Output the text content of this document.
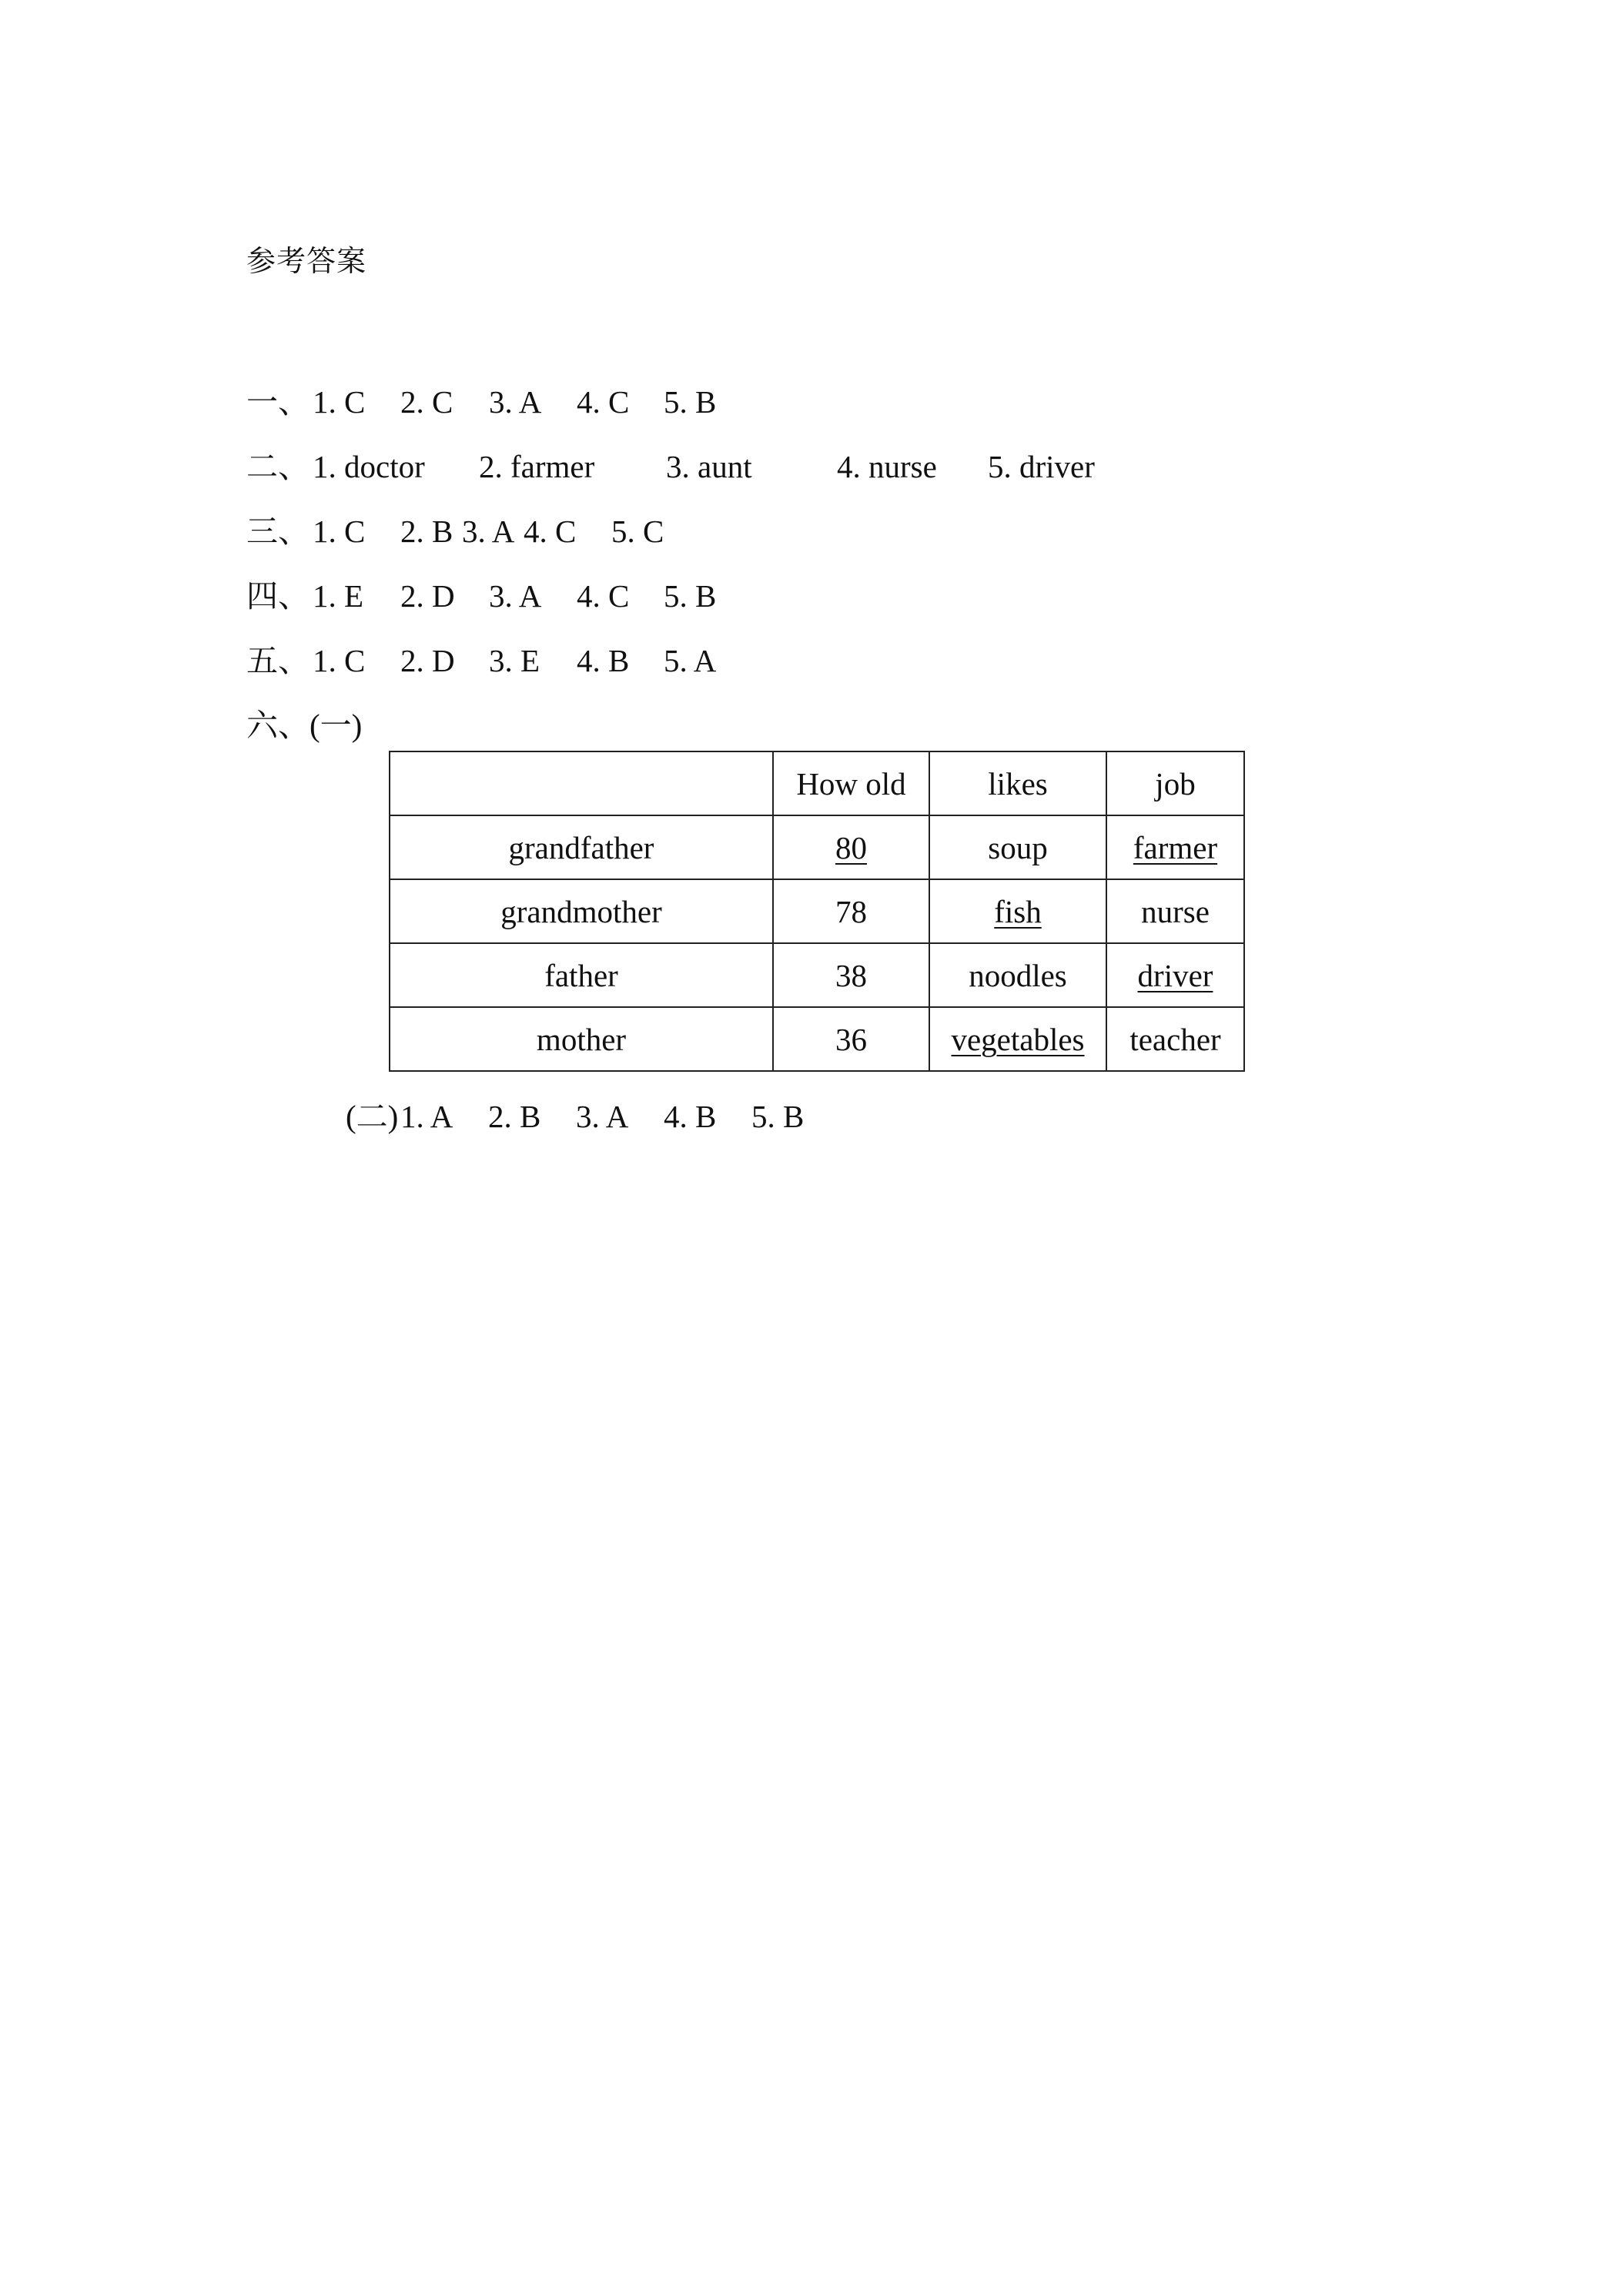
参考答案

一、

1. C

2. C

3. A

4. C

5. B

二、

1. doctor

2. farmer

3. aunt

	4. nurse

5. driver

三、

1. C

2. B

3. A

4. C

5. C

四、

1. E

2. D

3. A

4. C

5. B

五、

1. C

2. D

3. E

4. B

5. A

六、(一)

	How old	likes	job
grandfather	80	soup	farmer
grandmother	78	fish	nurse
father	38	noodles	driver
mother	36	vegetables	teacher

(二)

1. A

2. B

3. A

4. B

5. B
